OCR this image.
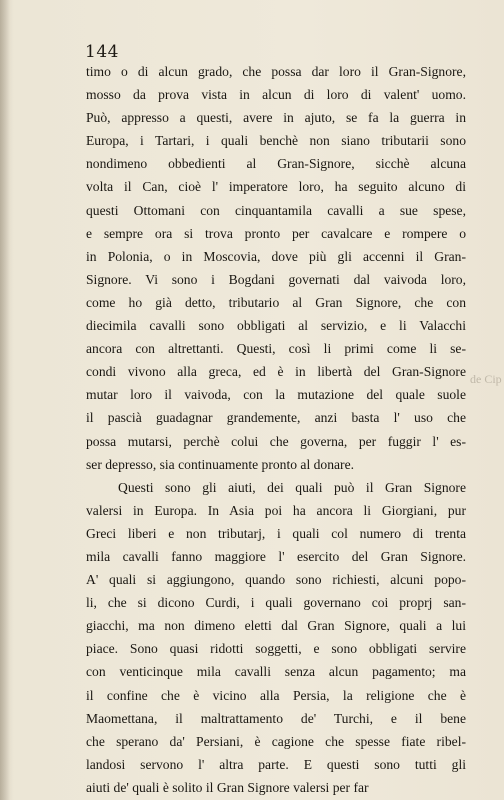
144
timo o di alcun grado, che possa dar loro il Gran-Signore,
mosso da prova vista in alcun di loro di valent' uomo.
Può, appresso a questi, avere in ajuto, se fa la guerra in
Europa, i Tartari, i quali benchè non siano tributarii sono
nondimeno obbedienti al Gran-Signore, sicchè alcuna
volta il Can, cioè l' imperatore loro, ha seguito alcuno di
questi Ottomani con cinquantamila cavalli a sue spese,
e sempre ora si trova pronto per cavalcare e rompere o
in Polonia, o in Moscovia, dove più gli accenni il Gran-
Signore. Vi sono i Bogdani governati dal vaivoda loro,
come ho già detto, tributario al Gran Signore, che con
diecimila cavalli sono obbligati al servizio, e li Valacchi
ancora con altrettanti. Questi, così li primi come li se-
condi vivono alla greca, ed è in libertà del Gran-Signore
mutar loro il vaivoda, con la mutazione del quale suole
il pascià guadagnar grandemente, anzi basta l' uso che
possa mutarsi, perchè colui che governa, per fuggir l' es-
ser depresso, sia continuamente pronto al donare.
Questi sono gli aiuti, dei quali può il Gran Signore
valersi in Europa. In Asia poi ha ancora li Giorgiani, pur
Greci liberi e non tributarj, i quali col numero di trenta
mila cavalli fanno maggiore l' esercito del Gran Signore.
A' quali si aggiungono, quando sono richiesti, alcuni popo-
li, che si dicono Curdi, i quali governano coi proprj san-
giacchi, ma non dimeno eletti dal Gran Signore, quali a lui
piace. Sono quasi ridotti soggetti, e sono obbligati servire
con venticinque mila cavalli senza alcun pagamento; ma
il confine che è vicino alla Persia, la religione che è
Maomettana, il maltrattamento de' Turchi, e il bene
che sperano da' Persiani, è cagione che spesse fiate ribel-
landosi servono l' altra parte. E questi sono tutti gli
aiuti de' quali è solito il Gran Signore valersi per far
de Cip
